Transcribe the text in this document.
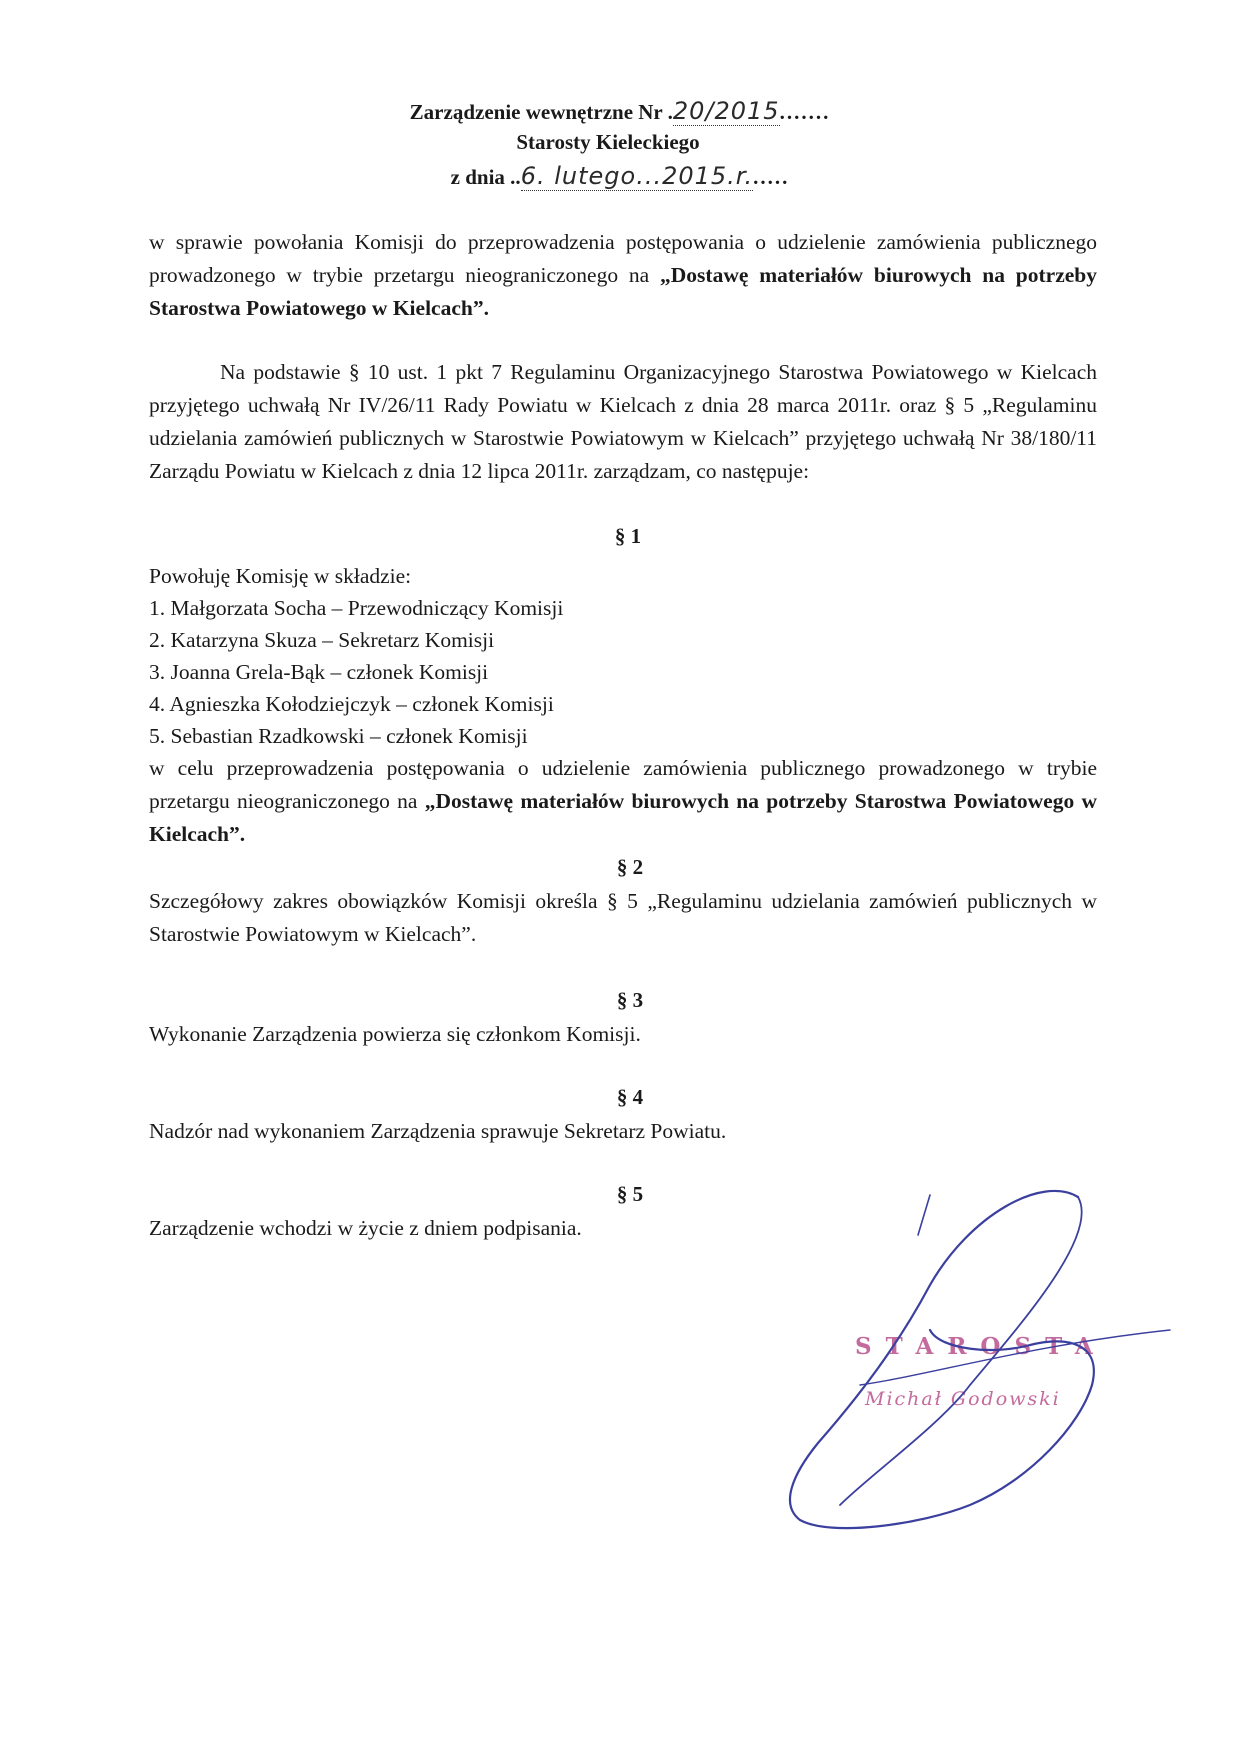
Zarządzenie wewnętrzne Nr .20/2015.......
Starosty Kieleckiego
z dnia ..6. lutego...2015.r......
w sprawie powołania Komisji do przeprowadzenia postępowania o udzielenie zamówienia publicznego prowadzonego w trybie przetargu nieograniczonego na „Dostawę materiałów biurowych na potrzeby Starostwa Powiatowego w Kielcach”.
Na podstawie § 10 ust. 1 pkt 7 Regulaminu Organizacyjnego Starostwa Powiatowego w Kielcach przyjętego uchwałą Nr IV/26/11 Rady Powiatu w Kielcach z dnia 28 marca 2011r. oraz § 5 „Regulaminu udzielania zamówień publicznych w Starostwie Powiatowym w Kielcach” przyjętego uchwałą Nr 38/180/11 Zarządu Powiatu w Kielcach z dnia 12 lipca 2011r. zarządzam, co następuje:
§ 1
Powołuję Komisję w składzie:
1. Małgorzata Socha – Przewodniczący Komisji
2. Katarzyna Skuza – Sekretarz Komisji
3. Joanna Grela-Bąk – członek Komisji
4. Agnieszka Kołodziejczyk – członek Komisji
5. Sebastian Rzadkowski – członek Komisji
w celu przeprowadzenia postępowania o udzielenie zamówienia publicznego prowadzonego w trybie przetargu nieograniczonego na „Dostawę materiałów biurowych na potrzeby Starostwa Powiatowego w Kielcach”.
§ 2
Szczegółowy zakres obowiązków Komisji określa § 5 „Regulaminu udzielania zamówień publicznych w Starostwie Powiatowym w Kielcach”.
§ 3
Wykonanie Zarządzenia powierza się członkom Komisji.
§ 4
Nadzór nad wykonaniem Zarządzenia sprawuje Sekretarz Powiatu.
§ 5
Zarządzenie wchodzi w życie z dniem podpisania.
STAROSTA
Michał Godowski
